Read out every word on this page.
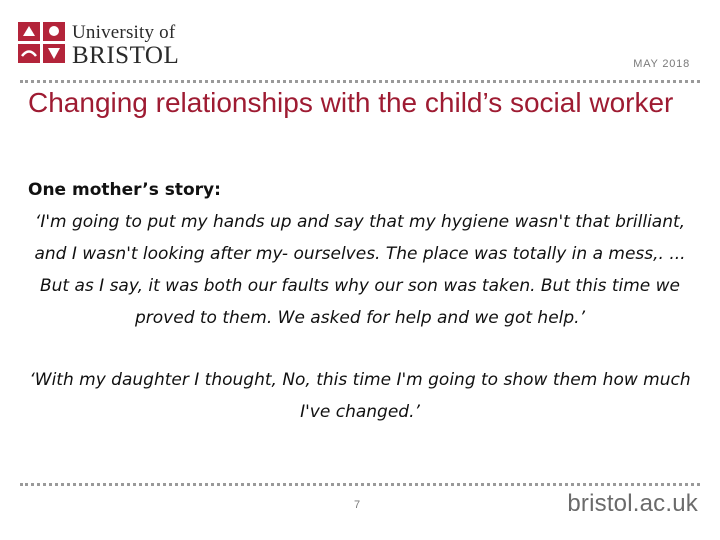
University of
BRISTOL	MAY 2018
Changing relationships with the child’s social worker

One mother’s story:

‘I'm going to put my hands up and say that my hygiene wasn't that brilliant, and I wasn't looking after my- ourselves. The place was totally in a mess,. ... But as I say, it was both our faults why our son was taken. But this time we proved to them. We asked for help and we got help.’

‘With my daughter I thought, No, this time I'm going to show them how much I've changed.’

7	bristol.ac.uk
